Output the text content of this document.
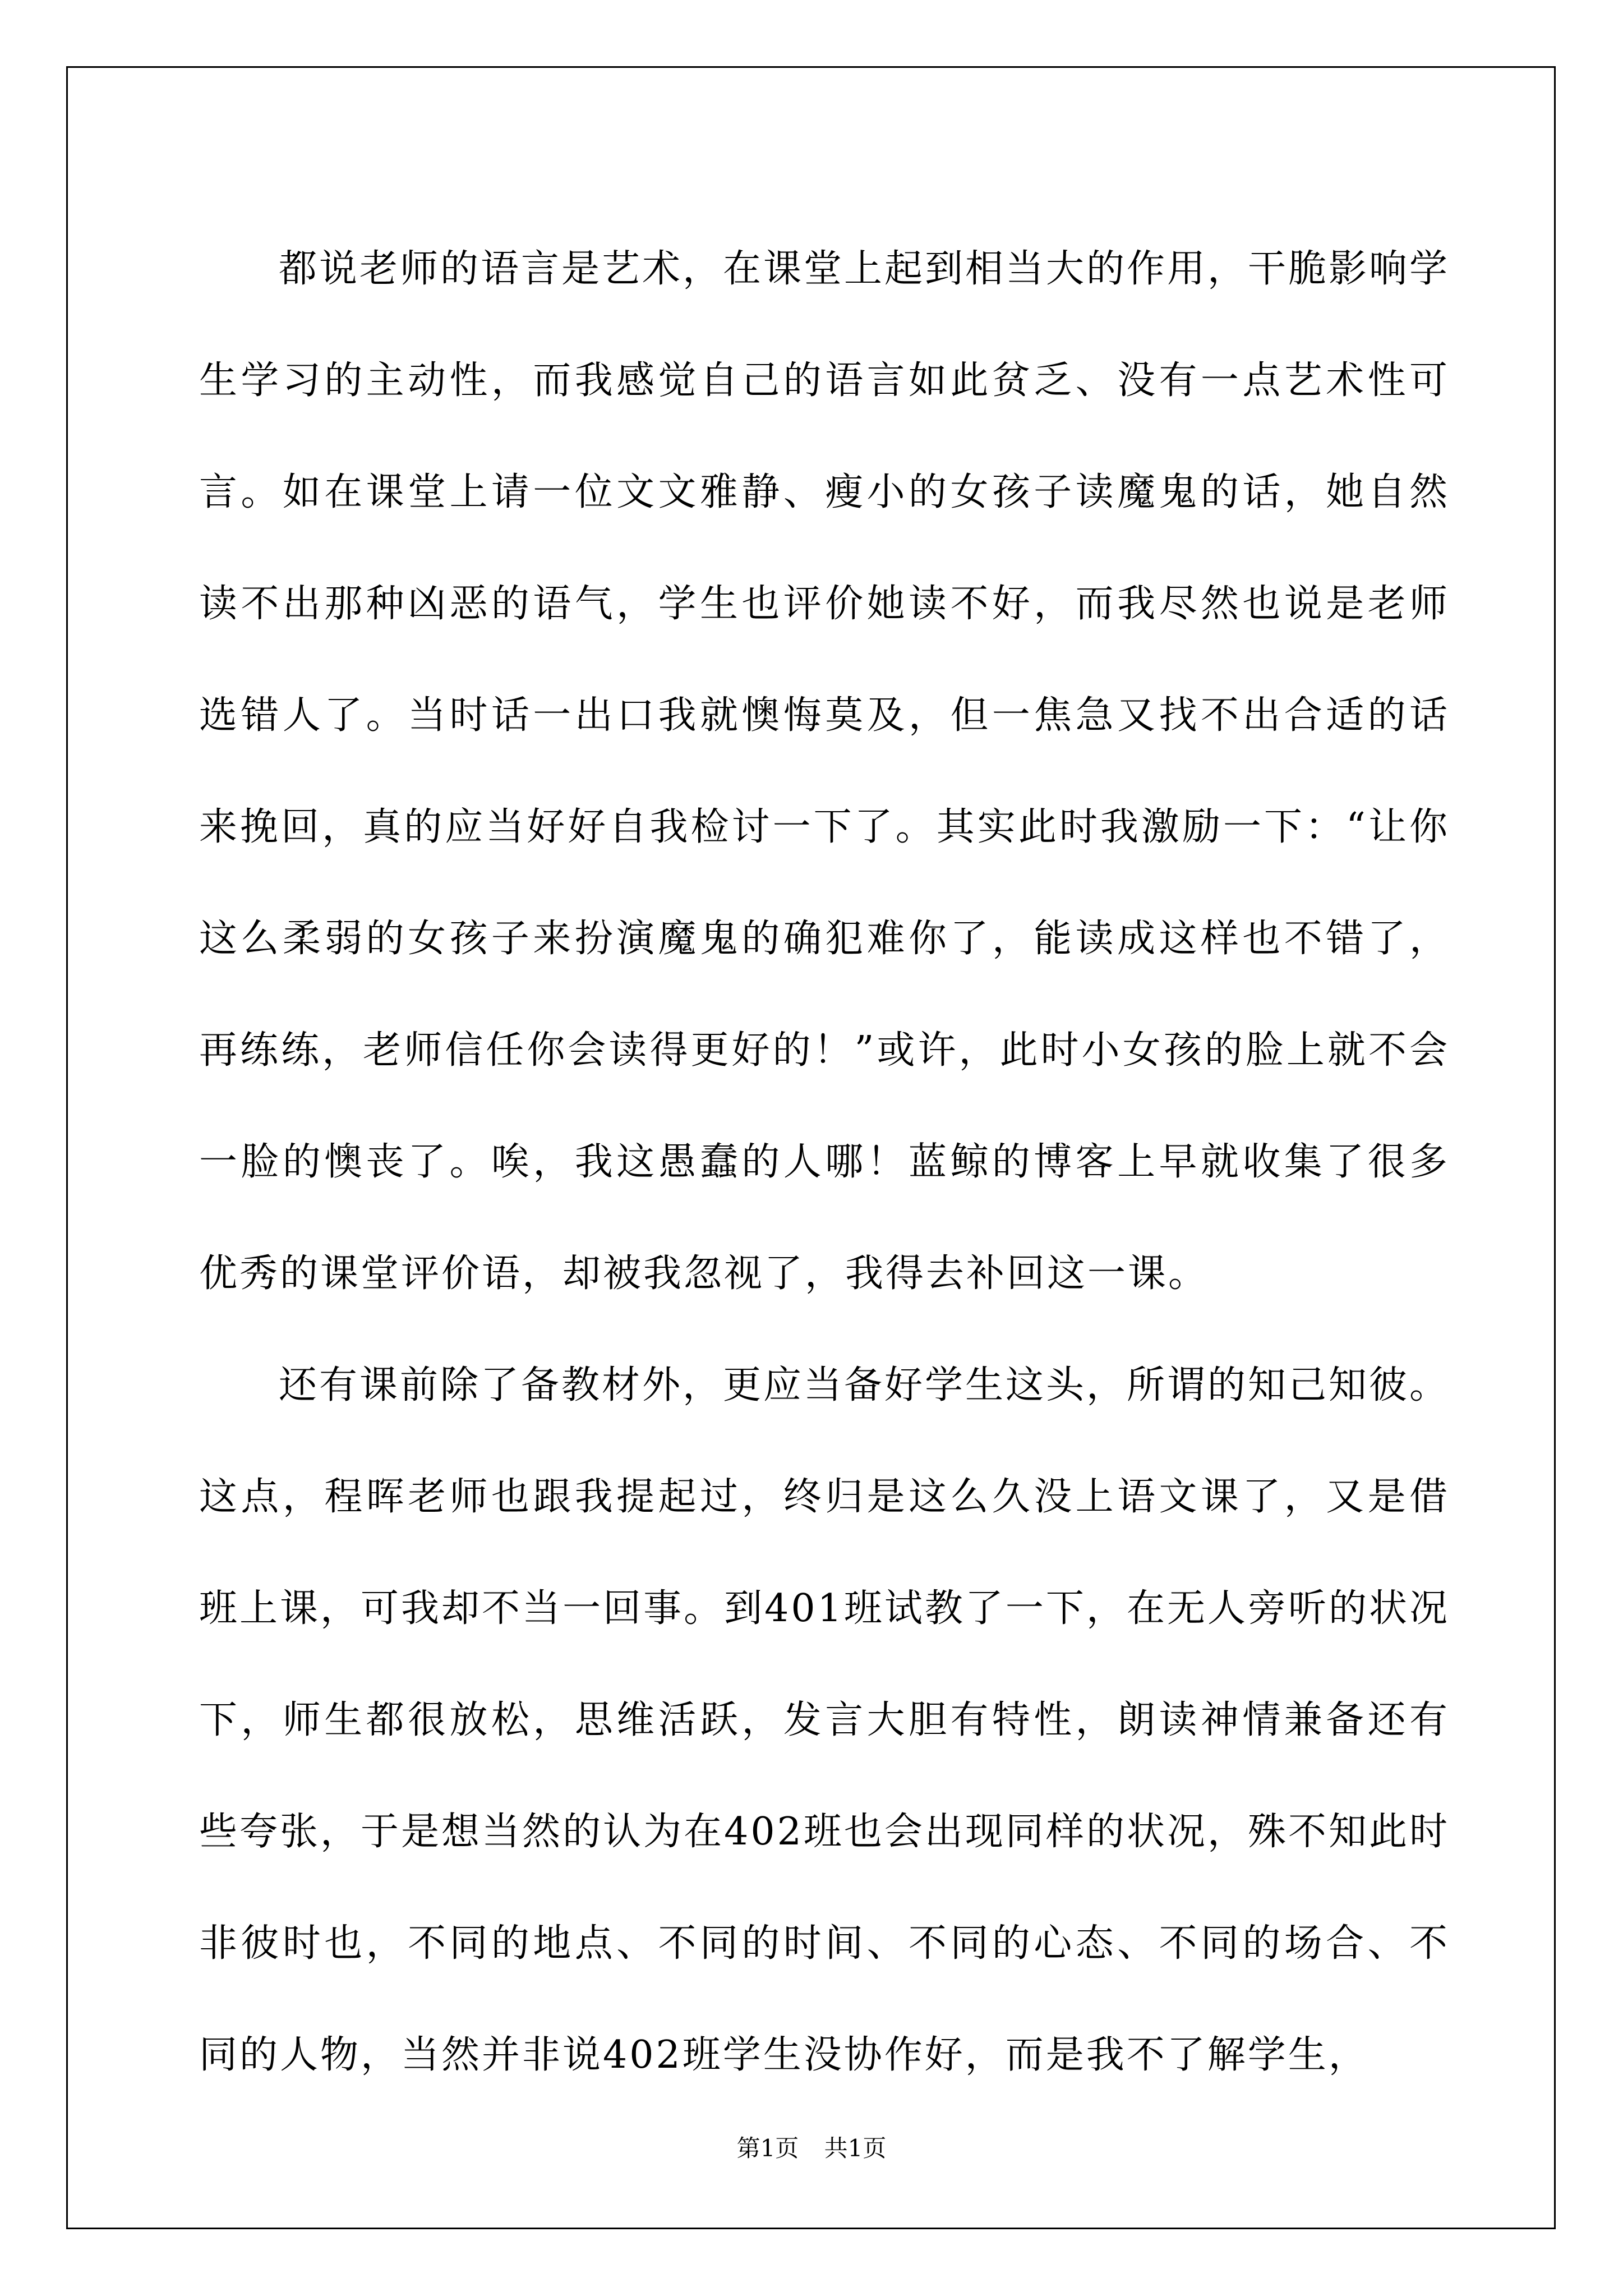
都说老师的语言是艺术，在课堂上起到相当大的作用，干脆影响学生学习的主动性，而我感觉自己的语言如此贫乏、没有一点艺术性可言。如在课堂上请一位文文雅静、瘦小的女孩子读魔鬼的话，她自然读不出那种凶恶的语气，学生也评价她读不好，而我尽然也说是老师选错人了。当时话一出口我就懊悔莫及，但一焦急又找不出合适的话来挽回，真的应当好好自我检讨一下了。其实此时我激励一下：“让你这么柔弱的女孩子来扮演魔鬼的确犯难你了，能读成这样也不错了，再练练，老师信任你会读得更好的！”或许，此时小女孩的脸上就不会一脸的懊丧了。唉，我这愚蠢的人哪！蓝鲸的博客上早就收集了很多优秀的课堂评价语，却被我忽视了，我得去补回这一课。

还有课前除了备教材外，更应当备好学生这头，所谓的知己知彼。这点，程晖老师也跟我提起过，终归是这么久没上语文课了，又是借班上课，可我却不当一回事。到401班试教了一下，在无人旁听的状况下，师生都很放松，思维活跃，发言大胆有特性，朗读神情兼备还有些夸张，于是想当然的认为在402班也会出现同样的状况，殊不知此时非彼时也，不同的地点、不同的时间、不同的心态、不同的场合、不同的人物，当然并非说402班学生没协作好，而是我不了解学生，

第1页 共1页
